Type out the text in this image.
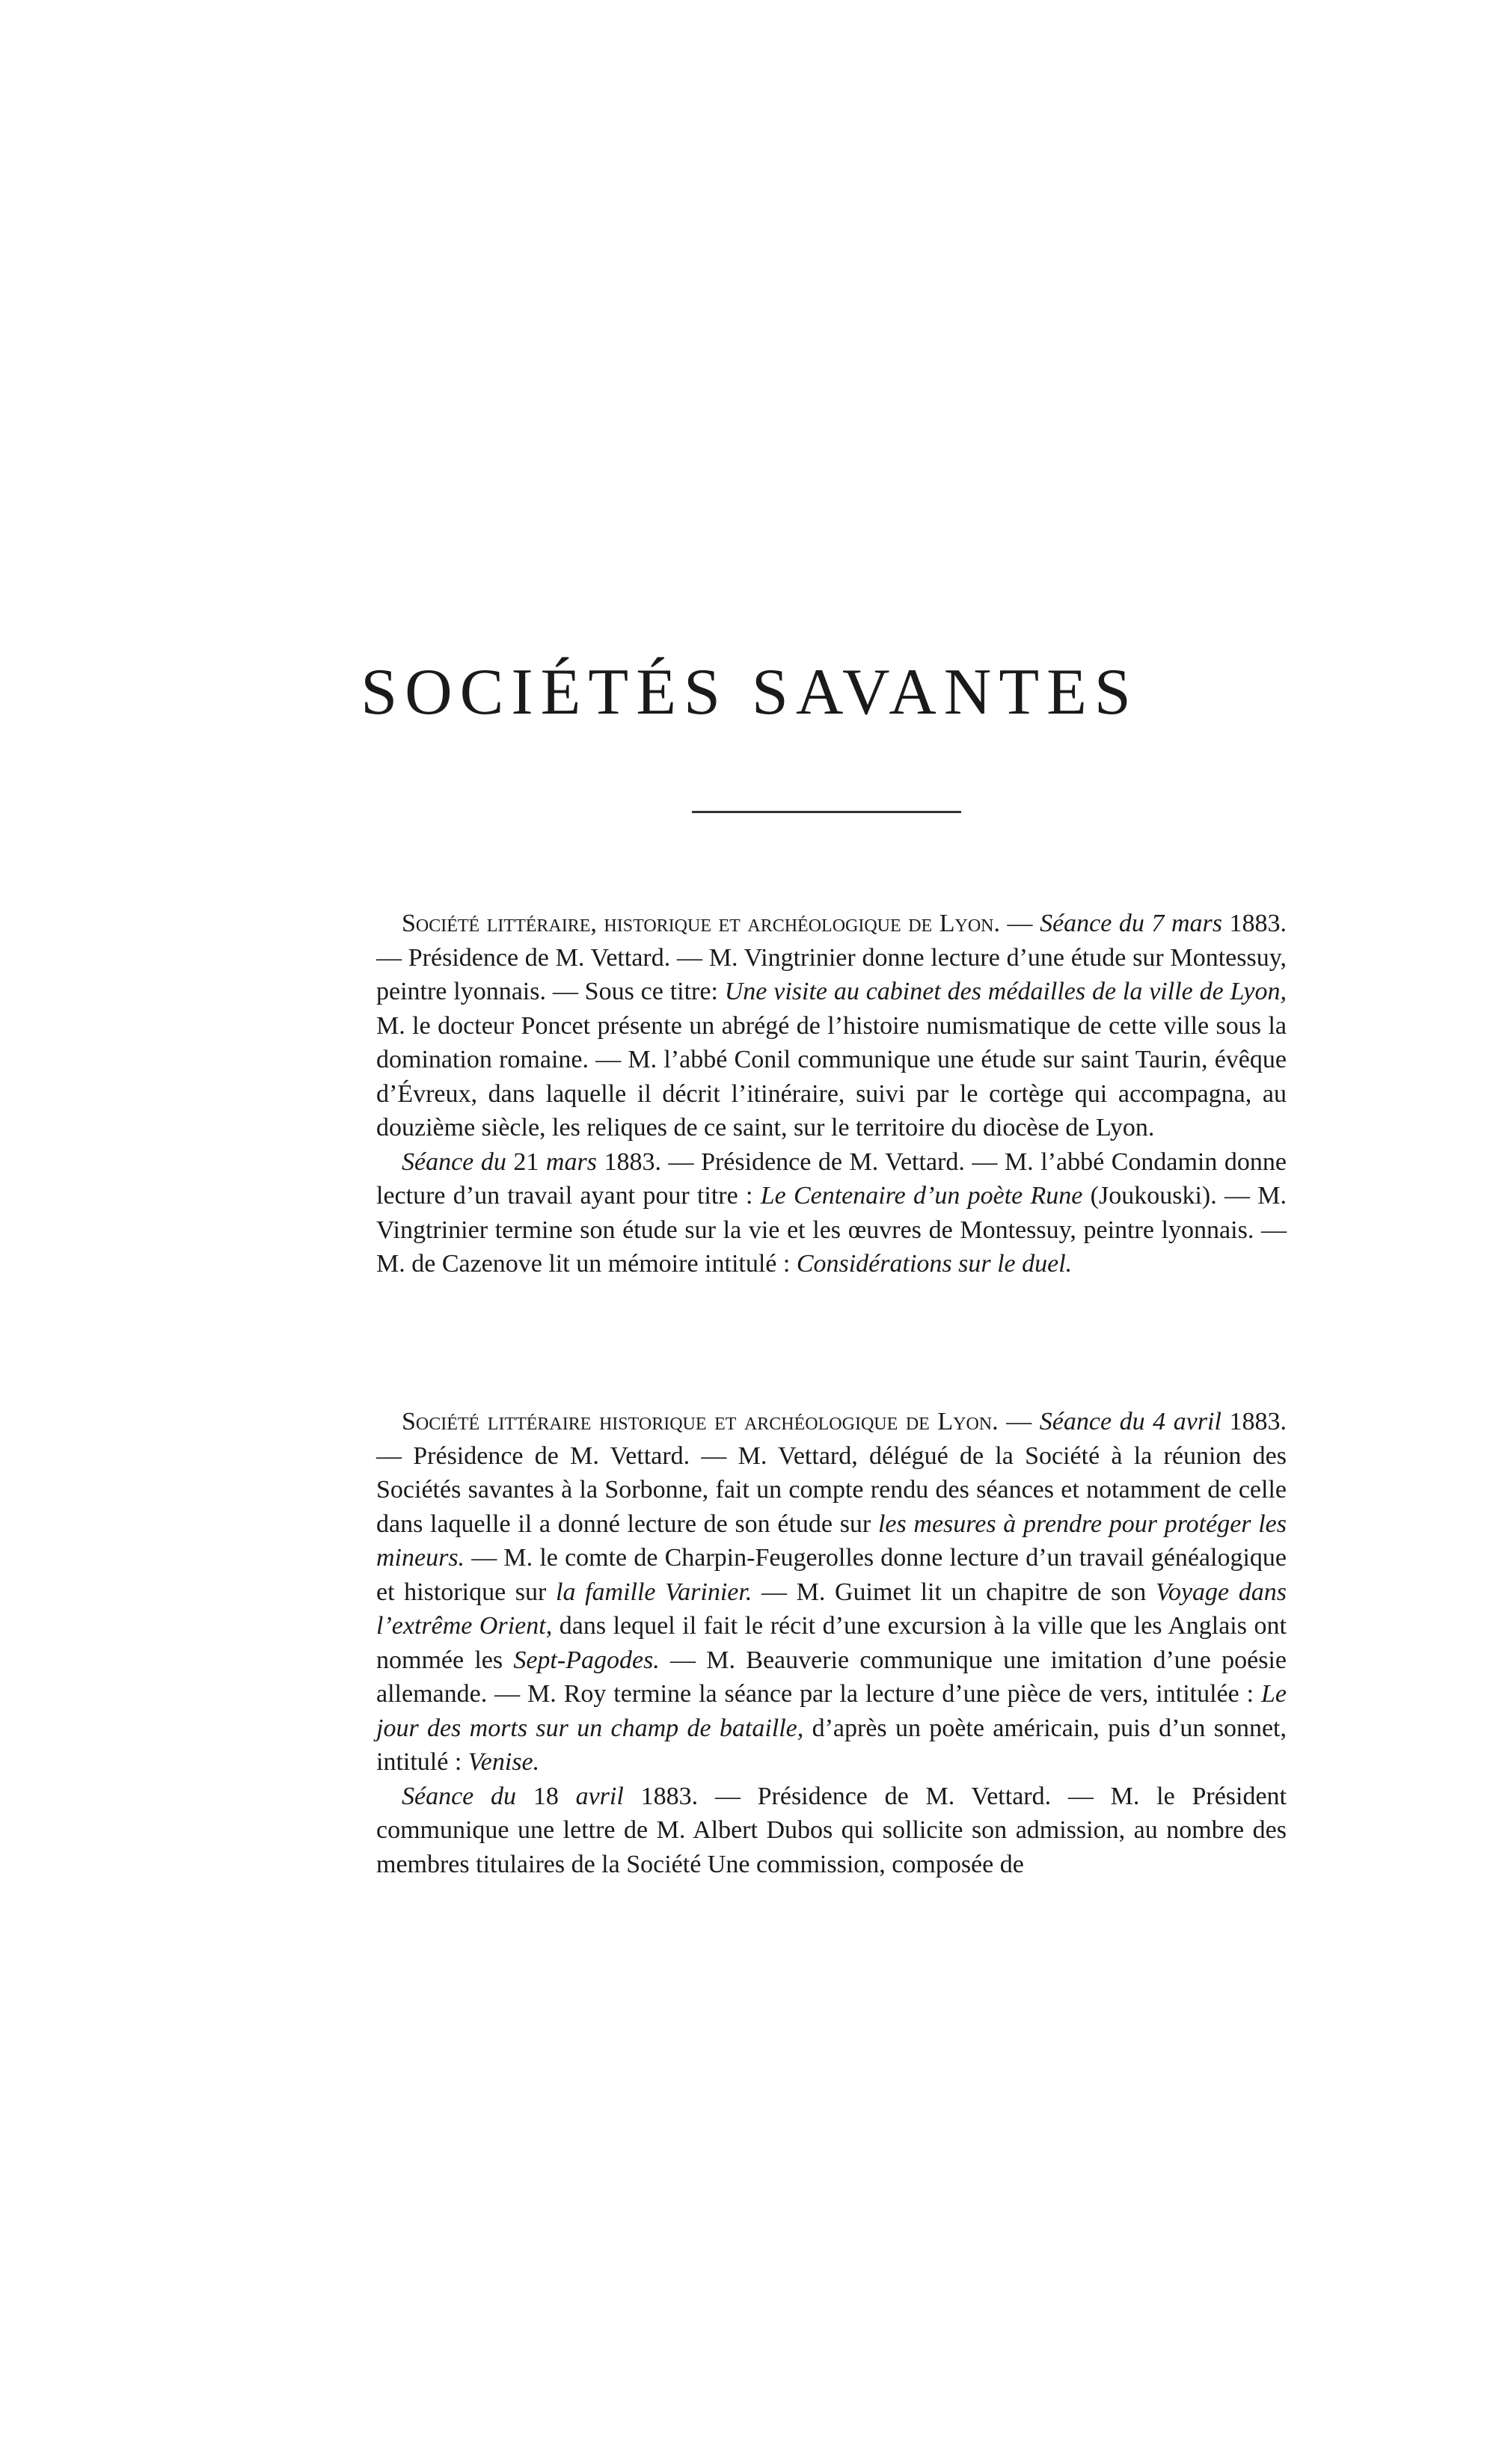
SOCIÉTÉS SAVANTES

Société littéraire, historique et archéologique de Lyon. — Séance du 7 mars 1883. — Présidence de M. Vettard. — M. Vingtrinier donne lecture d’une étude sur Montessuy, peintre lyonnais. — Sous ce titre: Une visite au cabinet des médailles de la ville de Lyon, M. le docteur Poncet présente un abrégé de l’histoire numismatique de cette ville sous la domination romaine. — M. l’abbé Conil communique une étude sur saint Taurin, évêque d’Évreux, dans laquelle il décrit l’itinéraire, suivi par le cortège qui accompagna, au douzième siècle, les reliques de ce saint, sur le territoire du diocèse de Lyon.

Séance du 21 mars 1883. — Présidence de M. Vettard. — M. l’abbé Condamin donne lecture d’un travail ayant pour titre : Le Centenaire d’un poète Rune (Joukouski). — M. Vingtrinier termine son étude sur la vie et les œuvres de Montessuy, peintre lyonnais. — M. de Cazenove lit un mémoire intitulé : Considérations sur le duel.

Société littéraire historique et archéologique de Lyon. — Séance du 4 avril 1883. — Présidence de M. Vettard. — M. Vettard, délégué de la Société à la réunion des Sociétés savantes à la Sorbonne, fait un compte rendu des séances et notamment de celle dans laquelle il a donné lecture de son étude sur les mesures à prendre pour protéger les mineurs. — M. le comte de Charpin-Feugerolles donne lecture d’un travail généalogique et historique sur la famille Varinier. — M. Guimet lit un chapitre de son Voyage dans l’extrême Orient, dans lequel il fait le récit d’une excursion à la ville que les Anglais ont nommée les Sept-Pagodes. — M. Beauverie communique une imitation d’une poésie allemande. — M. Roy termine la séance par la lecture d’une pièce de vers, intitulée : Le jour des morts sur un champ de bataille, d’après un poète américain, puis d’un sonnet, intitulé : Venise.

Séance du 18 avril 1883. — Présidence de M. Vettard. — M. le Président communique une lettre de M. Albert Dubos qui sollicite son admission, au nombre des membres titulaires de la Société Une commission, composée de
